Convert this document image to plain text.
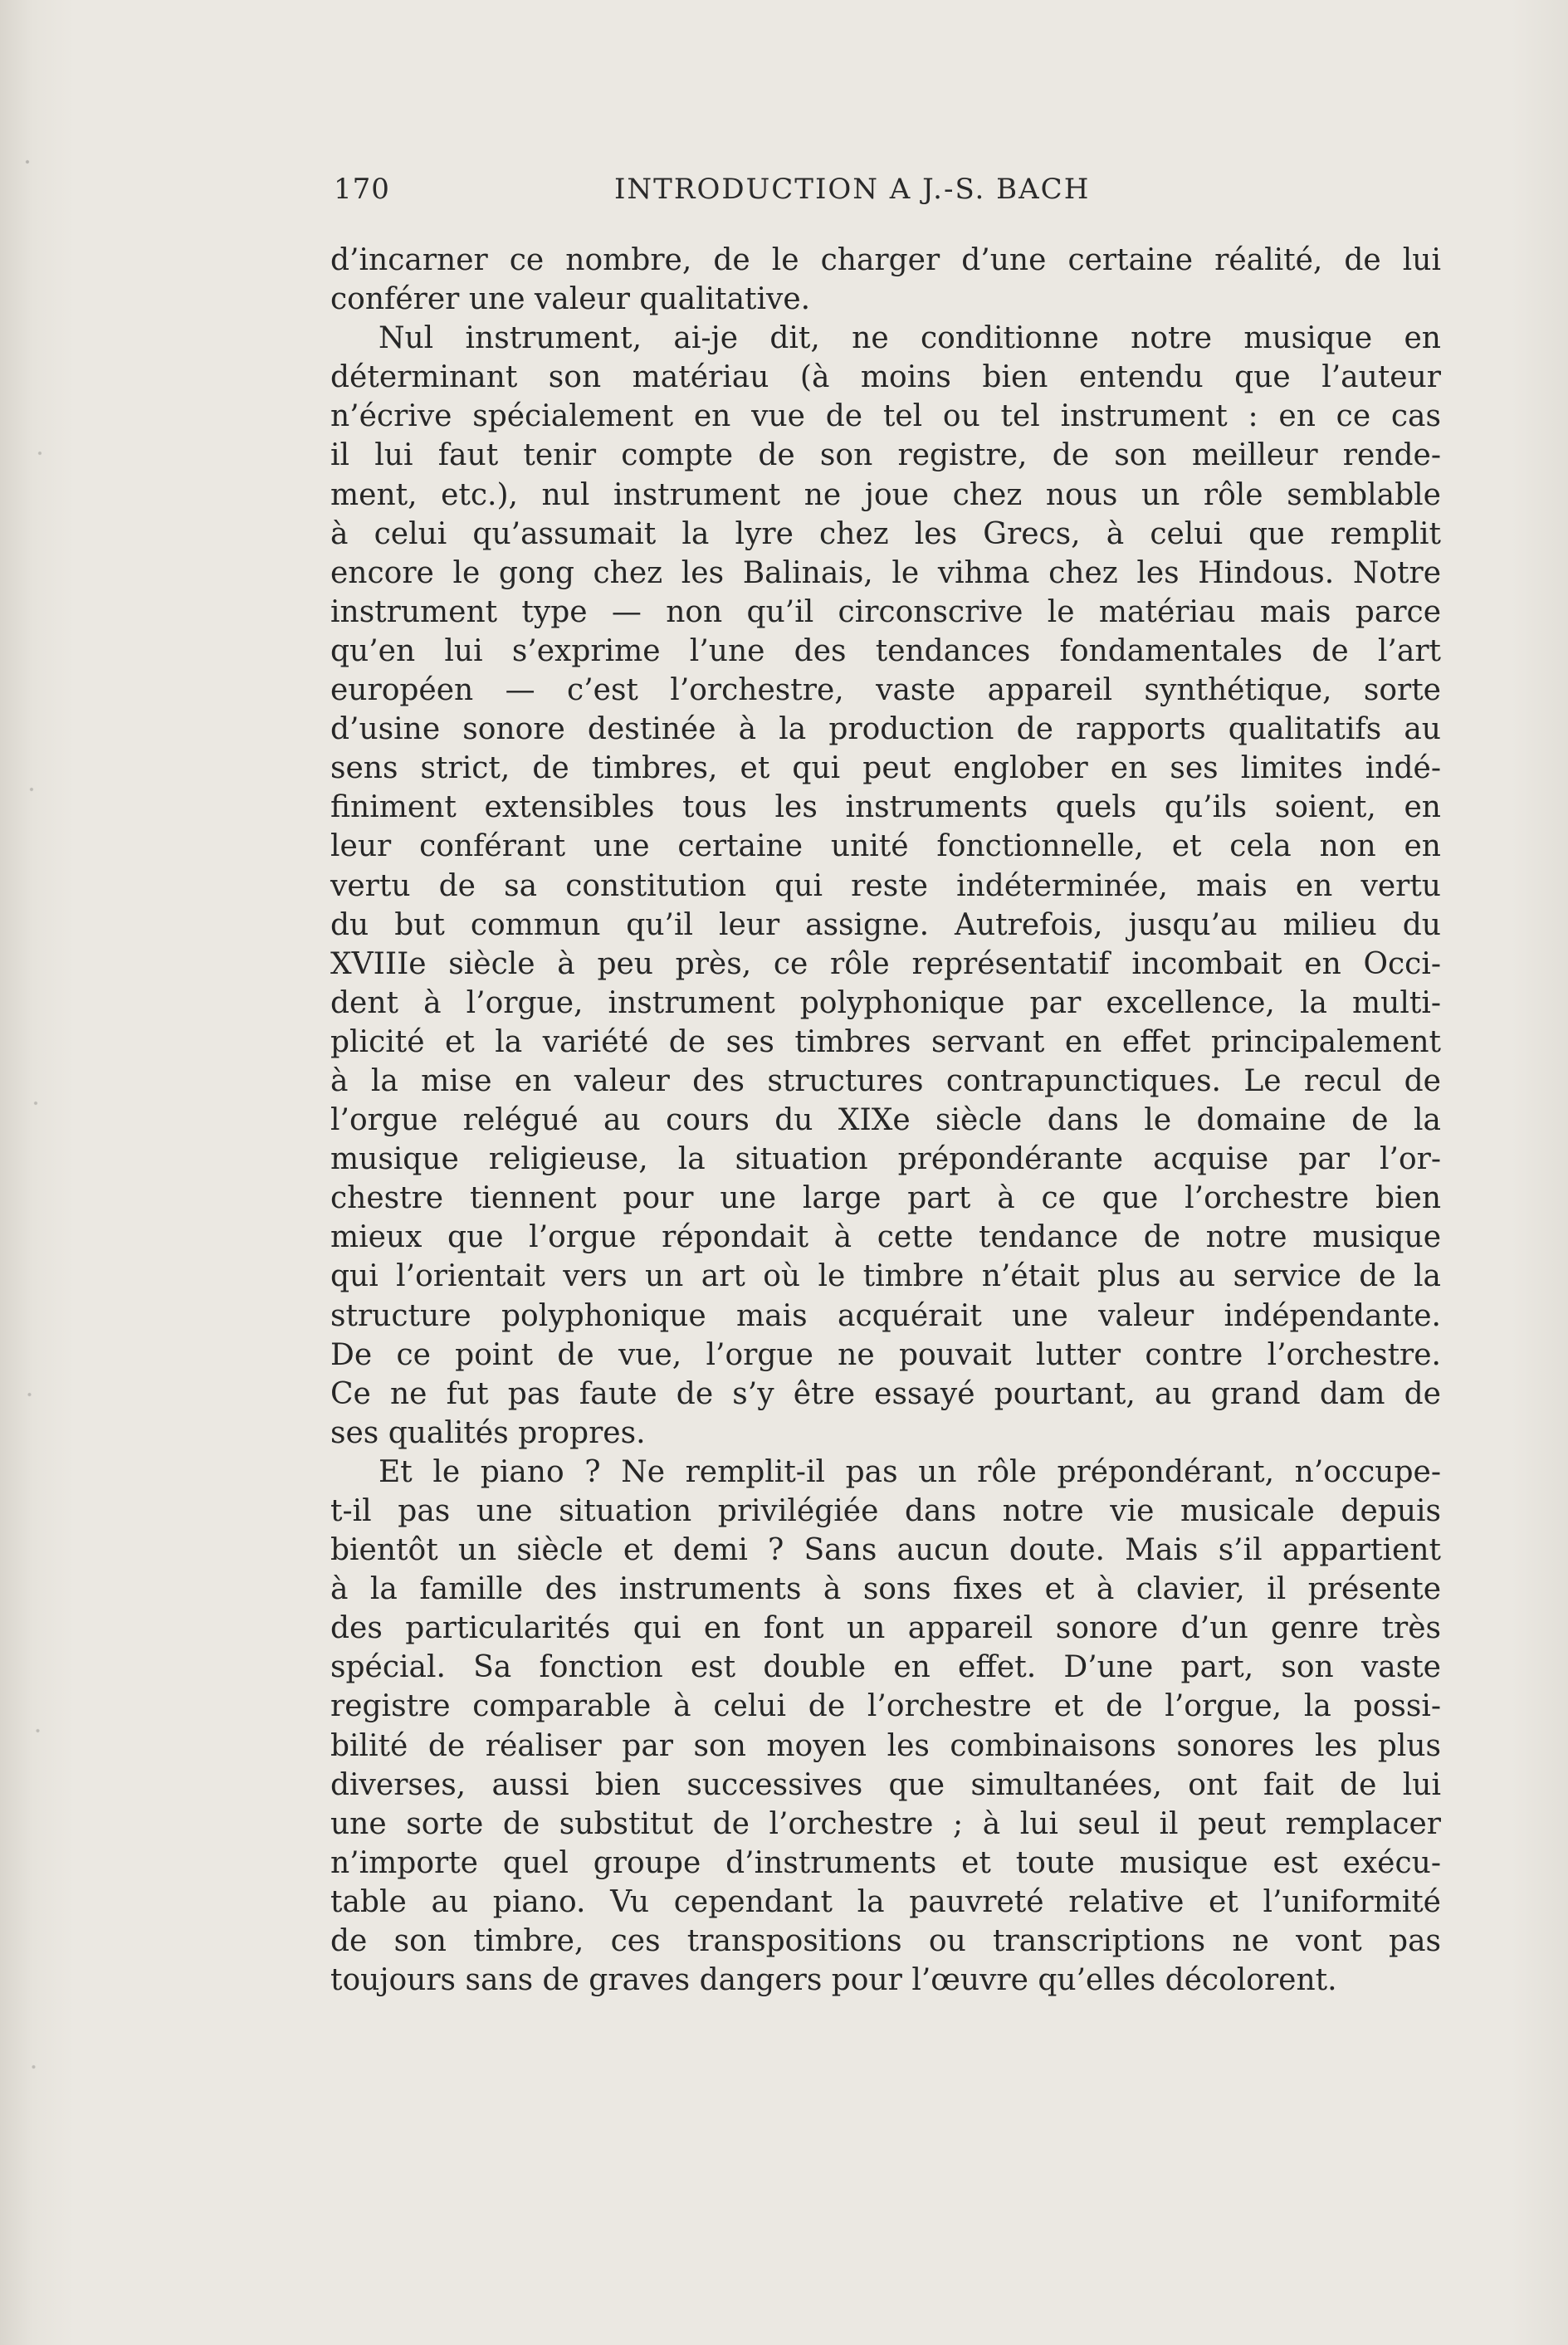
170	INTRODUCTION A J.-S. BACH
d’incarner ce nombre, de le charger d’une certaine réalité, de lui
conférer une valeur qualitative.
Nul instrument, ai-je dit, ne conditionne notre musique en
déterminant son matériau (à moins bien entendu que l’auteur
n’écrive spécialement en vue de tel ou tel instrument : en ce cas
il lui faut tenir compte de son registre, de son meilleur rende-
ment, etc.), nul instrument ne joue chez nous un rôle semblable
à celui qu’assumait la lyre chez les Grecs, à celui que remplit
encore le gong chez les Balinais, le vihma chez les Hindous. Notre
instrument type — non qu’il circonscrive le matériau mais parce
qu’en lui s’exprime l’une des tendances fondamentales de l’art
européen — c’est l’orchestre, vaste appareil synthétique, sorte
d’usine sonore destinée à la production de rapports qualitatifs au
sens strict, de timbres, et qui peut englober en ses limites indé-
finiment extensibles tous les instruments quels qu’ils soient, en
leur conférant une certaine unité fonctionnelle, et cela non en
vertu de sa constitution qui reste indéterminée, mais en vertu
du but commun qu’il leur assigne. Autrefois, jusqu’au milieu du
XVIIIe siècle à peu près, ce rôle représentatif incombait en Occi-
dent à l’orgue, instrument polyphonique par excellence, la multi-
plicité et la variété de ses timbres servant en effet principalement
à la mise en valeur des structures contrapunctiques. Le recul de
l’orgue relégué au cours du XIXe siècle dans le domaine de la
musique religieuse, la situation prépondérante acquise par l’or-
chestre tiennent pour une large part à ce que l’orchestre bien
mieux que l’orgue répondait à cette tendance de notre musique
qui l’orientait vers un art où le timbre n’était plus au service de la
structure polyphonique mais acquérait une valeur indépendante.
De ce point de vue, l’orgue ne pouvait lutter contre l’orchestre.
Ce ne fut pas faute de s’y être essayé pourtant, au grand dam de
ses qualités propres.
Et le piano ? Ne remplit-il pas un rôle prépondérant, n’occupe-
t-il pas une situation privilégiée dans notre vie musicale depuis
bientôt un siècle et demi ? Sans aucun doute. Mais s’il appartient
à la famille des instruments à sons fixes et à clavier, il présente
des particularités qui en font un appareil sonore d’un genre très
spécial. Sa fonction est double en effet. D’une part, son vaste
registre comparable à celui de l’orchestre et de l’orgue, la possi-
bilité de réaliser par son moyen les combinaisons sonores les plus
diverses, aussi bien successives que simultanées, ont fait de lui
une sorte de substitut de l’orchestre ; à lui seul il peut remplacer
n’importe quel groupe d’instruments et toute musique est exécu-
table au piano. Vu cependant la pauvreté relative et l’uniformité
de son timbre, ces transpositions ou transcriptions ne vont pas
toujours sans de graves dangers pour l’œuvre qu’elles décolorent.
